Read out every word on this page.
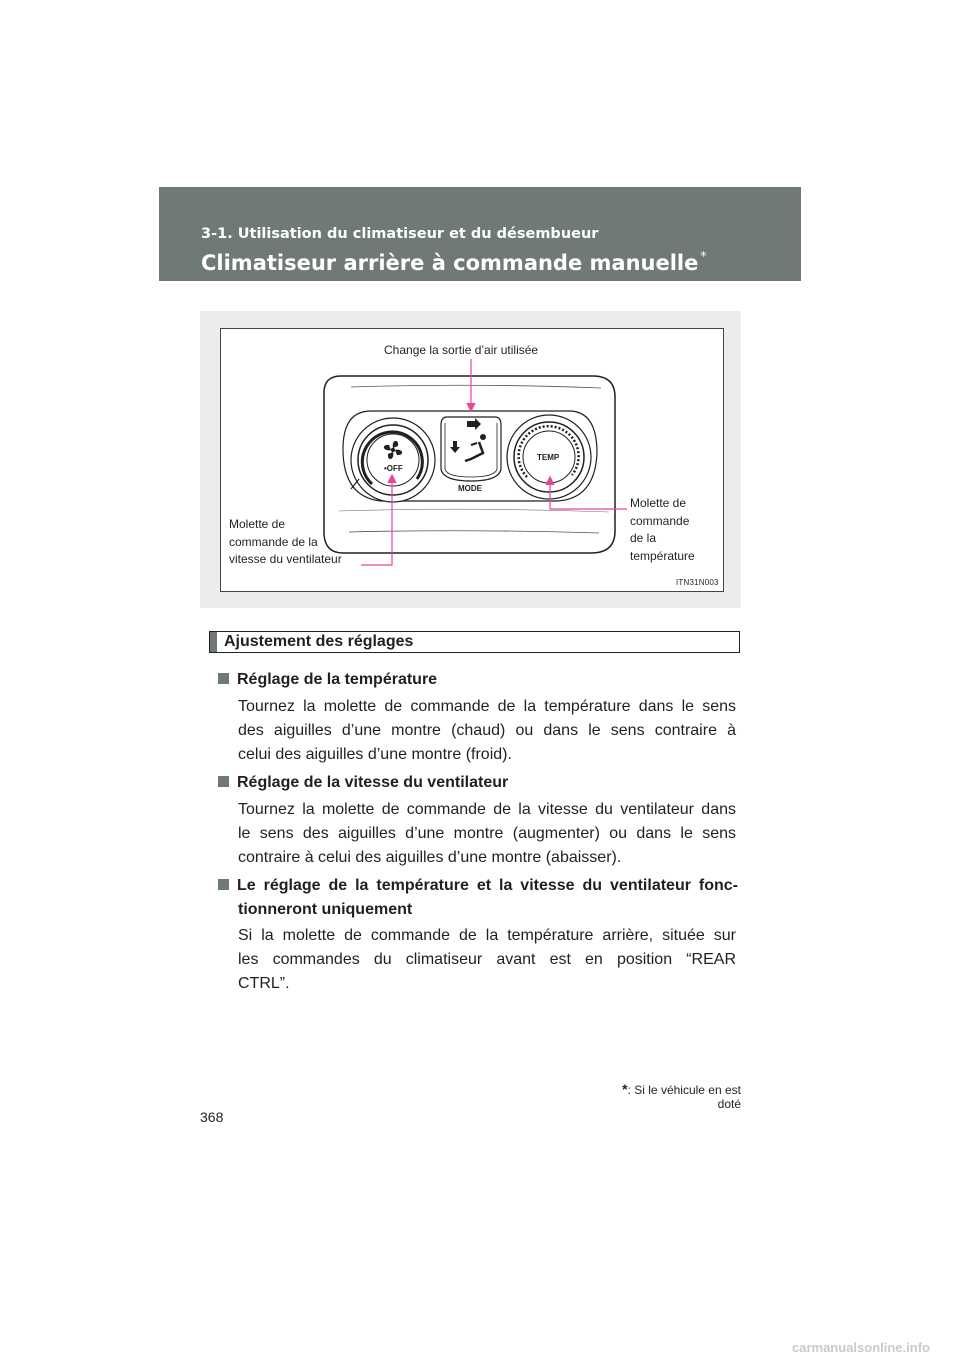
3-1. Utilisation du climatiseur et du désembueur
Climatiseur arrière à commande manuelle *
•OFF
MODE
TEMP
Change la sortie d’air utilisée
Molette de
commande de la
vitesse du ventilateur
Molette de
commande
de la
température
ITN31N003
Ajustement des réglages
Réglage de la température
Tournez la molette de commande de la température dans le sens
des aiguilles d’une montre (chaud) ou dans le sens contraire à
celui des aiguilles d’une montre (froid).
Réglage de la vitesse du ventilateur
Tournez la molette de commande de la vitesse du ventilateur dans
le sens des aiguilles d’une montre (augmenter) ou dans le sens
contraire à celui des aiguilles d’une montre (abaisser).
Le réglage de la température et la vitesse du ventilateur fonc-
tionneront uniquement
Si la molette de commande de la température arrière, située sur
les commandes du climatiseur avant est en position “REAR
CTRL”.
*: Si le véhicule en est doté
368
carmanualsonline.info
